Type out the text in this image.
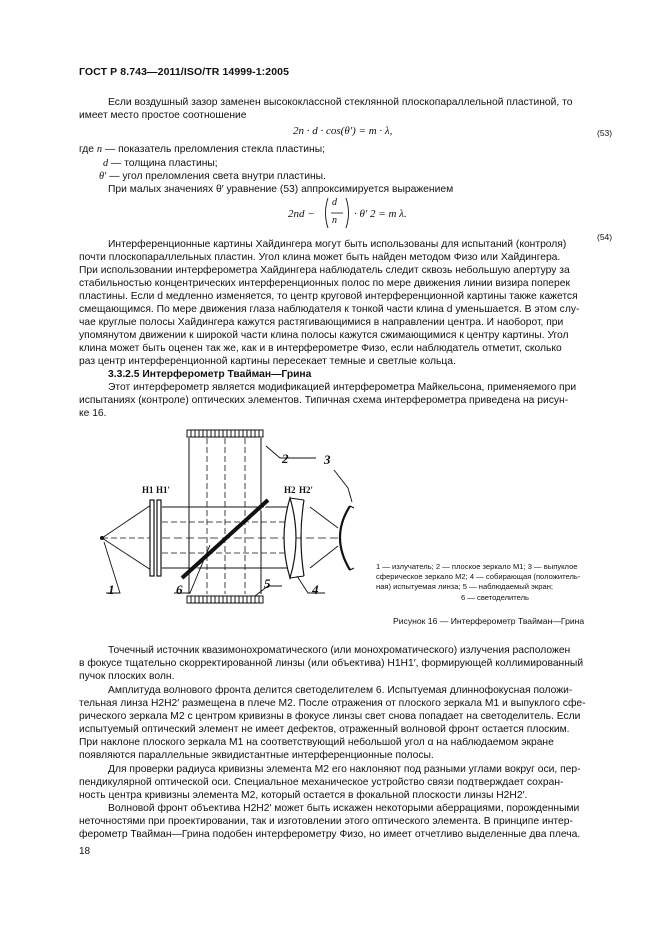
ГОСТ Р 8.743—2011/ISO/TR 14999-1:2005
Если воздушный зазор заменен высококлассной стеклянной плоскопараллельной пластиной, то
имеет место простое соотношение
2n · d · cos(θ′) = m · λ,	(53)
где n — показатель преломления стекла пластины;
d — толщина пластины;
θ′ — угол преломления света внутри пластины.
При малых значениях θ′ уравнение (53) аппроксимируется выражением
2nd −
d
n
· θ′ 2 = m λ.
(54)
Интерференционные картины Хайдингера могут быть использованы для испытаний (контроля)
почти плоскопараллельных пластин. Угол клина может быть найден методом Физо или Хайдингера.
При использовании интерферометра Хайдингера наблюдатель следит сквозь небольшую апертуру за
стабильностью концентрических интерференционных полос по мере движения линии визира поперек
пластины. Если d медленно изменяется, то центр круговой интерференционной картины также кажется
смещающимся. По мере движения глаза наблюдателя к тонкой части клина d уменьшается. В этом слу-
чае круглые полосы Хайдингера кажутся растягивающимися в направлении центра. И наоборот, при
упомянутом движении к широкой части клина полосы кажутся сжимающимися к центру картины. Угол
клина может быть оценен так же, как и в интерферометре Физо, если наблюдатель отметит, сколько
раз центр интерференционной картины пересекает темные и светлые кольца.
3.3.2.5 Интерферометр Твайман—Грина
Этот интерферометр является модификацией интерферометра Майкельсона, применяемого при
испытаниях (контроле) оптических элементов. Типичная схема интерферометра приведена на рисун-
ке 16.
2	3
1	6	4
5
H1 H1′	H2 H2′
1 — излучатель; 2 — плоское зеркало M1; 3 — выпуклое
сферическое зеркало M2; 4 — собирающая (положитель-
ная) испытуемая линза; 5 — наблюдаемый экран;
6 — светоделитель
Рисунок 16 — Интерферометр Твайман—Грина
Точечный источник квазимонохроматического (или монохроматического) излучения расположен
в фокусе тщательно скорректированной линзы (или объектива) H1H1′, формирующей коллимированный
пучок плоских волн.
Амплитуда волнового фронта делится светоделителем 6. Испытуемая длиннофокусная положи-
тельная линза H2H2′ размещена в плече M2. После отражения от плоского зеркала M1 и выпуклого сфе-
рического зеркала M2 с центром кривизны в фокусе линзы свет снова попадает на светоделитель. Если
испытуемый оптический элемент не имеет дефектов, отраженный волновой фронт остается плоским.
При наклоне плоского зеркала M1 на соответствующий небольшой угол α на наблюдаемом экране
появляются параллельные эквидистантные интерференционные полосы.
Для проверки радиуса кривизны элемента M2 его наклоняют под разными углами вокруг оси, пер-
пендикулярной оптической оси. Специальное механическое устройство связи подтверждает сохран-
ность центра кривизны элемента M2, который остается в фокальной плоскости линзы H2H2′.
Волновой фронт объектива H2H2′ может быть искажен некоторыми аберрациями, порожденными
неточностями при проектировании, так и изготовлении этого оптического элемента. В принципе интер-
ферометр Твайман—Грина подобен интерферометру Физо, но имеет отчетливо выделенные два плеча.
18
